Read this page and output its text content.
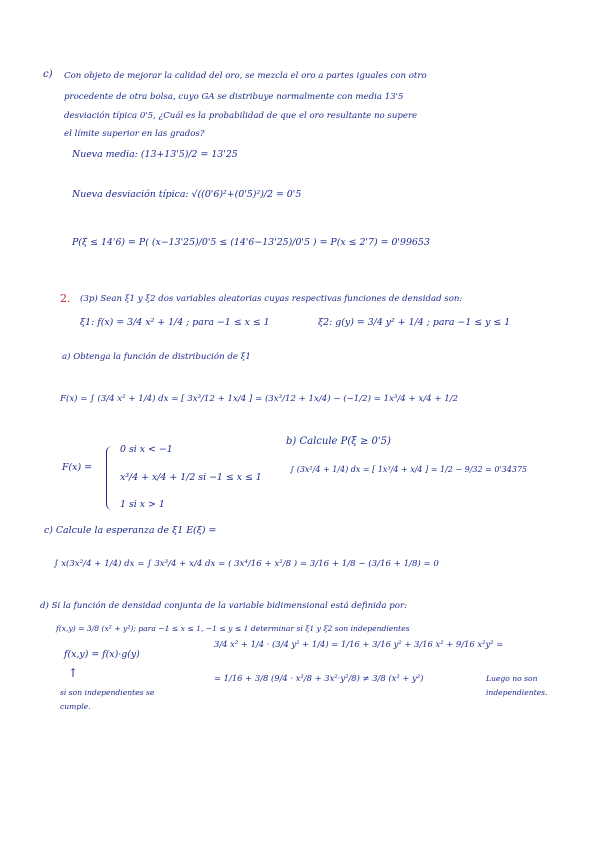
c) Con objeto de mejorar la calidad del oro, se mezcla el oro a partes iguales con otro
procedente de otra bolsa, cuyo GA se distribuye normalmente con media 13'5
desviación típica 0'5, ¿Cuál es la probabilidad de que el oro resultante no supere
el límite superior en las grados?
Nueva media: (13+13'5)/2 = 13'25
Nueva desviación típica: √((0'6)²+(0'5)²)/2 = 0'5
P(ξ ≤ 14'6) = P( (x−13'25)/0'5 ≤ (14'6−13'25)/0'5 ) = P(x ≤ 2'7) = 0'99653
2. (3p) Sean ξ1 y ξ2 dos variables aleatorias cuyas respectivas funciones de densidad son:
ξ1: f(x) = 3/4 x² + 1/4 ; para −1 ≤ x ≤ 1	ξ2: g(y) = 3/4 y² + 1/4 ; para −1 ≤ y ≤ 1
a) Obtenga la función de distribución de ξ1
F(x) = ∫ (3/4 x² + 1/4) dx = [ 3x³/12 + 1x/4 ] = (3x³/12 + 1x/4) − (−1/2) = 1x³/4 + x/4 + 1/2
F(x) =
0 si x < −1
x³/4 + x/4 + 1/2 si −1 ≤ x ≤ 1
1 si x > 1
b) Calcule P(ξ ≥ 0'5)
∫ (3x²/4 + 1/4) dx = [ 1x³/4 + x/4 ] = 1/2 − 9/32 = 0'34375
c) Calcule la esperanza de ξ1 E(ξ) =
∫ x(3x²/4 + 1/4) dx = ∫ 3x³/4 + x/4 dx = ( 3x⁴/16 + x²/8 ) = 3/16 + 1/8 − (3/16 + 1/8) = 0
d) Si la función de densidad conjunta de la variable bidimensional está definida por:
f(x,y) = 3/8 (x² + y²); para −1 ≤ x ≤ 1, −1 ≤ y ≤ 1 determinar si ξ1 y ξ2 son independientes
f(x,y) = f(x)·g(y)
↑
si son independientes se cumple.
3/4 x² + 1/4 · (3/4 y² + 1/4) = 1/16 + 3/16 y² + 3/16 x² + 9/16 x²y² =
= 1/16 + 3/8 (9/4 · x²/8 + 3x²·y²/8) ≠ 3/8 (x² + y²)	Luego no son independientes.
